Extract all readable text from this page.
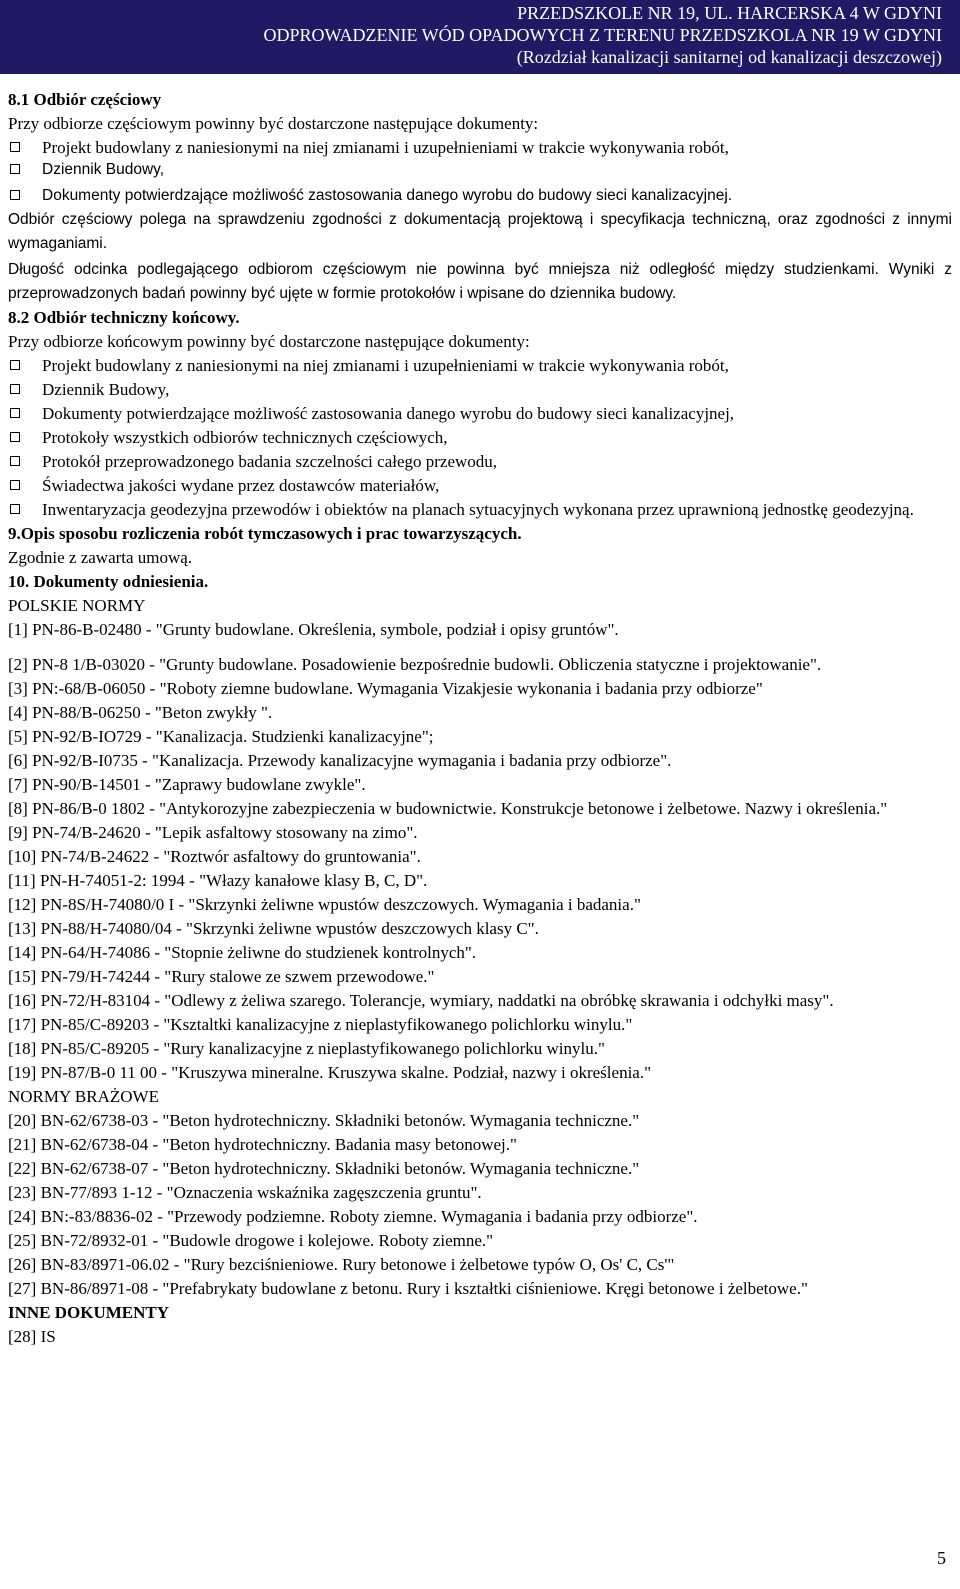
PRZEDSZKOLE NR 19, UL. HARCERSKA 4 W GDYNI
ODPROWADZENIE WÓD OPADOWYCH Z TERENU PRZEDSZKOLA NR 19 W GDYNI
(Rozdział kanalizacji sanitarnej od kanalizacji deszczowej)

8.1 Odbiór częściowy

Przy odbiorze częściowym powinny być dostarczone następujące dokumenty:

Projekt budowlany z naniesionymi na niej zmianami i uzupełnieniami w trakcie wykonywania robót,
Dziennik Budowy,
Dokumenty potwierdzające możliwość zastosowania danego wyrobu do budowy sieci kanalizacyjnej.

Odbiór częściowy polega na sprawdzeniu zgodności z dokumentacją projektową i specyfikacja techniczną, oraz zgodności z innymi wymaganiami.

Długość odcinka podlegającego odbiorom częściowym nie powinna być mniejsza niż odległość między studzienkami. Wyniki z przeprowadzonych badań powinny być ujęte w formie protokołów i wpisane do dziennika budowy.

8.2 Odbiór techniczny końcowy.

Przy odbiorze końcowym powinny być dostarczone następujące dokumenty:

Projekt budowlany z naniesionymi na niej zmianami i uzupełnieniami w trakcie wykonywania robót,
Dziennik Budowy,
Dokumenty potwierdzające możliwość zastosowania danego wyrobu do budowy sieci kanalizacyjnej,
Protokoły wszystkich odbiorów technicznych częściowych,
Protokół przeprowadzonego badania szczelności całego przewodu,
Świadectwa jakości wydane przez dostawców materiałów,
Inwentaryzacja geodezyjna przewodów i obiektów na planach sytuacyjnych wykonana przez uprawnioną jednostkę geodezyjną.

9.Opis sposobu rozliczenia robót tymczasowych i prac towarzyszących.

Zgodnie z zawarta umową.

10. Dokumenty odniesienia.

POLSKIE NORMY

[1] PN-86-B-02480 - "Grunty budowlane. Określenia, symbole, podział i opisy gruntów".

[2] PN-8 1/B-03020 - "Grunty budowlane. Posadowienie bezpośrednie budowli. Obliczenia statyczne i projektowanie".

[3] PN:-68/B-06050 - "Roboty ziemne budowlane. Wymagania Vizakjesie wykonania i badania przy odbiorze"

[4] PN-88/B-06250 - "Beton zwykły ".

[5] PN-92/B-IO729 - "Kanalizacja. Studzienki kanalizacyjne";

[6] PN-92/B-I0735 - "Kanalizacja. Przewody kanalizacyjne wymagania i badania przy odbiorze".

[7] PN-90/B-14501 - "Zaprawy budowlane zwykle".

[8] PN-86/B-0 1802 - "Antykorozyjne zabezpieczenia w budownictwie. Konstrukcje betonowe i żelbetowe. Nazwy i określenia."

[9] PN-74/B-24620 - "Lepik asfaltowy stosowany na zimo".

[10] PN-74/B-24622 - "Roztwór asfaltowy do gruntowania".

[11] PN-H-74051-2: 1994 - "Włazy kanałowe klasy B, C, D".

[12] PN-8S/H-74080/0 I - "Skrzynki żeliwne wpustów deszczowych. Wymagania i badania."

[13] PN-88/H-74080/04 - "Skrzynki żeliwne wpustów deszczowych klasy C".

[14] PN-64/H-74086 - "Stopnie żeliwne do studzienek kontrolnych".

[15] PN-79/H-74244 - "Rury stalowe ze szwem przewodowe."

[16] PN-72/H-83104 - "Odlewy z żeliwa szarego. Tolerancje, wymiary, naddatki na obróbkę skrawania i odchyłki masy".

[17] PN-85/C-89203 - "Ksztaltki kanalizacyjne z nieplastyfikowanego polichlorku winylu."

[18] PN-85/C-89205 - "Rury kanalizacyjne z nieplastyfikowanego polichlorku winylu."

[19] PN-87/B-0 11 00 - "Kruszywa mineralne. Kruszywa skalne. Podział, nazwy i określenia."

NORMY BRAŻOWE

[20] BN-62/6738-03 - "Beton hydrotechniczny. Składniki betonów. Wymagania techniczne."

[21] BN-62/6738-04 - "Beton hydrotechniczny. Badania masy betonowej."

[22] BN-62/6738-07 - "Beton hydrotechniczny. Składniki betonów. Wymagania techniczne."

[23] BN-77/893 1-12 - "Oznaczenia wskaźnika zagęszczenia gruntu".

[24] BN:-83/8836-02 - "Przewody podziemne. Roboty ziemne. Wymagania i badania przy odbiorze".

[25] BN-72/8932-01 - "Budowle drogowe i kolejowe. Roboty ziemne."

[26] BN-83/8971-06.02 - "Rury bezciśnieniowe. Rury betonowe i żelbetowe typów O, Os' C, Cs'"

[27] BN-86/8971-08 - "Prefabrykaty budowlane z betonu. Rury i kształtki ciśnieniowe. Kręgi betonowe i żelbetowe."

INNE DOKUMENTY

[28] IS

5
